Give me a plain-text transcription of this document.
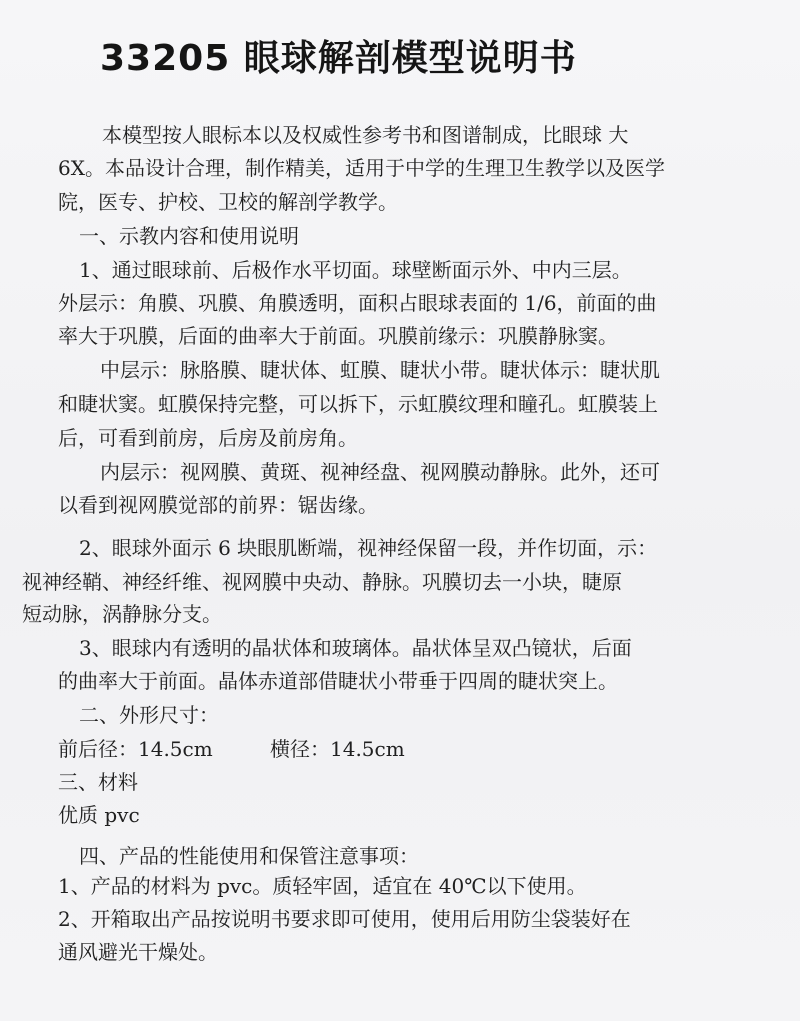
33205 眼球解剖模型说明书
本模型按人眼标本以及权威性参考书和图谱制成，比眼球 大
6X。本品设计合理，制作精美，适用于中学的生理卫生教学以及医学
院，医专、护校、卫校的解剖学教学。
一、示教内容和使用说明
1、通过眼球前、后极作水平切面。球壁断面示外、中内三层。
外层示：角膜、巩膜、角膜透明，面积占眼球表面的 1/6，前面的曲
率大于巩膜，后面的曲率大于前面。巩膜前缘示：巩膜静脉窦。
中层示：脉胳膜、睫状体、虹膜、睫状小带。睫状体示：睫状肌
和睫状窦。虹膜保持完整，可以拆下，示虹膜纹理和瞳孔。虹膜装上
后，可看到前房，后房及前房角。
内层示：视网膜、黄斑、视神经盘、视网膜动静脉。此外，还可
以看到视网膜觉部的前界：锯齿缘。
2、眼球外面示 6 块眼肌断端，视神经保留一段，并作切面，示：
视神经鞘、神经纤维、视网膜中央动、静脉。巩膜切去一小块，睫原
短动脉，涡静脉分支。
3、眼球内有透明的晶状体和玻璃体。晶状体呈双凸镜状，后面
的曲率大于前面。晶体赤道部借睫状小带垂于四周的睫状突上。
二、外形尺寸：
前后径：14.5cm	横径：14.5cm
三、材料
优质 pvc
四、产品的性能使用和保管注意事项：
1、产品的材料为 pvc。质轻牢固，适宜在 40℃以下使用。
2、开箱取出产品按说明书要求即可使用，使用后用防尘袋装好在
通风避光干燥处。
